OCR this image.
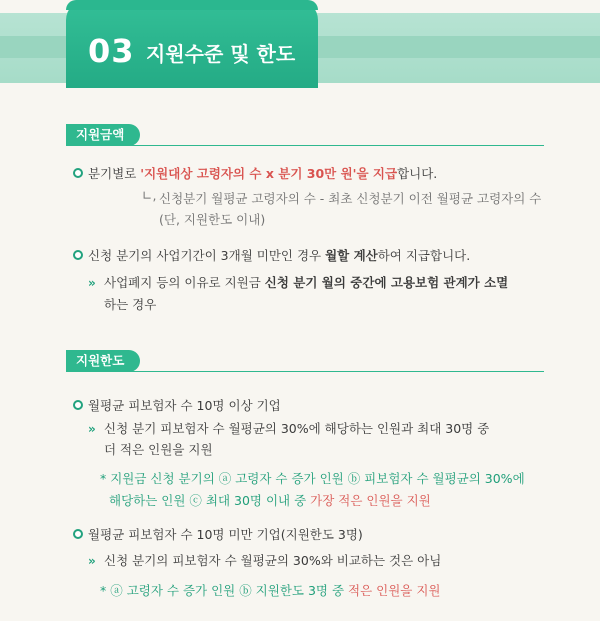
03 지원수준 및 한도
지원금액
분기별로 '지원대상 고령자의 수 x 분기 30만 원'을 지급합니다.
∟, 신청분기 월평균 고령자의 수 - 최초 신청분기 이전 월평균 고령자의 수
(단, 지원한도 이내)
신청 분기의 사업기간이 3개월 미만인 경우 월할 계산하여 지급합니다.
» 사업폐지 등의 이유로 지원금 신청 분기 월의 중간에 고용보험 관계가 소멸
하는 경우
지원한도
월평균 피보험자 수 10명 이상 기업
» 신청 분기 피보험자 수 월평균의 30%에 해당하는 인원과 최대 30명 중
더 적은 인원을 지원
* 지원금 신청 분기의 ⓐ 고령자 수 증가 인원 ⓑ 피보험자 수 월평균의 30%에
해당하는 인원 ⓒ 최대 30명 이내 중 가장 적은 인원을 지원
월평균 피보험자 수 10명 미만 기업(지원한도 3명)
» 신청 분기의 피보험자 수 월평균의 30%와 비교하는 것은 아님
* ⓐ 고령자 수 증가 인원 ⓑ 지원한도 3명 중 적은 인원을 지원
